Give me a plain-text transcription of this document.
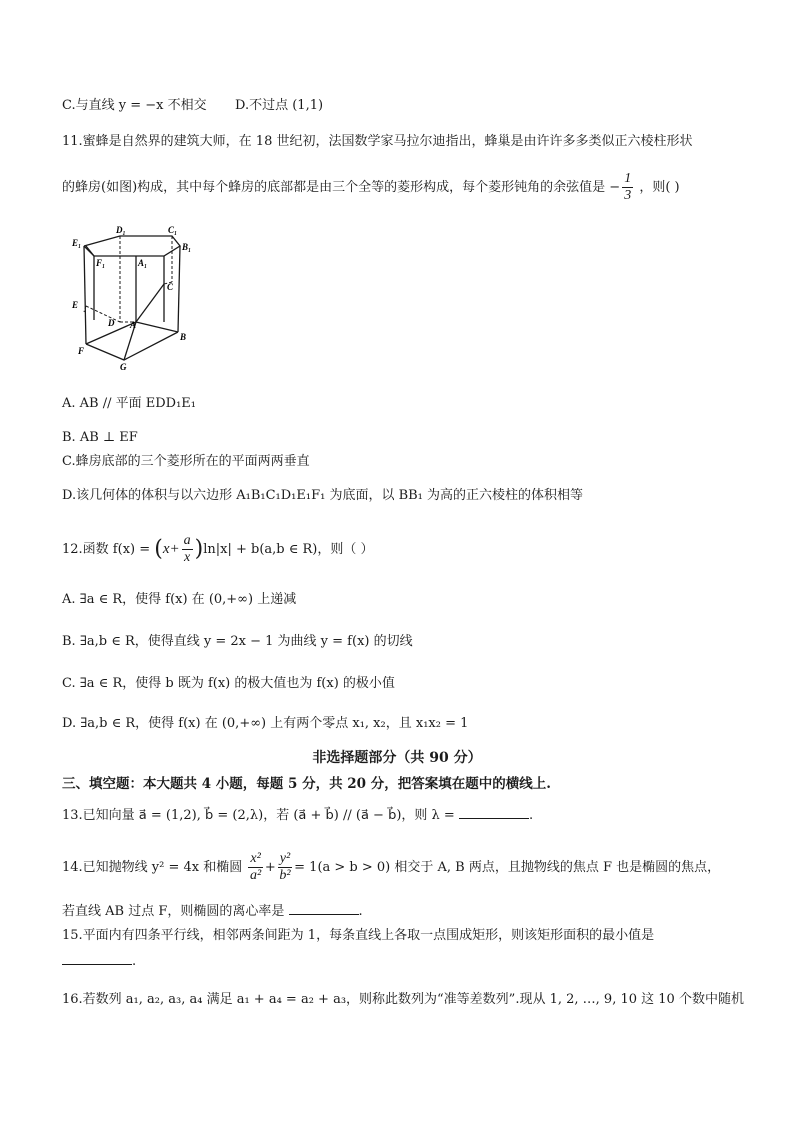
C.与直线 y = −x 不相交 D.不过点 (1,1)
11.蜜蜂是自然界的建筑大师，在 18 世纪初，法国数学家马拉尔迪指出，蜂巢是由许许多多类似正六棱柱形状
的蜂房(如图)构成，其中每个蜂房的底部都是由三个全等的菱形构成，每个菱形钝角的余弦值是 − $\frac{1}{3}$ ，则( )
D₁	C₁
E₁	B₁
F₁	A₁
C
E
D A
F
B
G
A. AB // 平面 EDD₁E₁
B. AB ⊥ EF
C.蜂房底部的三个菱形所在的平面两两垂直
D.该几何体的体积与以六边形 A₁B₁C₁D₁E₁F₁ 为底面，以 BB₁ 为高的正六棱柱的体积相等
12.函数 $f(x) = (x+ \frac{a}{x} )\ln|x| + b(a,b$ ∈ R)，则（ ）
A. ∃a ∈ R，使得 f(x) 在 (0,+∞) 上递减
B. ∃a,b ∈ R，使得直线 y = 2x − 1 为曲线 y = f(x) 的切线
C. ∃a ∈ R，使得 b 既为 f(x) 的极大值也为 f(x) 的极小值
D. ∃a,b ∈ R，使得 f(x) 在 (0,+∞) 上有两个零点 x₁, x₂，且 x₁x₂ = 1
非选择题部分（共 90 分）
三、填空题：本大题共 4 小题，每题 5 分，共 20 分，把答案填在题中的横线上.
13.已知向量 a⃗ = (1,2), b⃗ = (2,λ)，若 (a⃗ + b⃗) // (a⃗ − b⃗)，则 λ =	.
14.已知抛物线 y² = 4x 和椭圆 $\frac{\text{x²}}{\text{a²}} + \frac{\text{y²}}{\text{b²}} = 1(a > b > 0)$ 相交于 A, B 两点，且抛物线的焦点 F 也是椭圆的焦点，
若直线 AB 过点 F，则椭圆的离心率是	.
15.平面内有四条平行线，相邻两条间距为 1，每条直线上各取一点围成矩形，则该矩形面积的最小值是
.
16.若数列 a₁, a₂, a₃, a₄ 满足 a₁ + a₄ = a₂ + a₃，则称此数列为“准等差数列”.现从 1, 2, …, 9, 10 这 10 个数中随机
